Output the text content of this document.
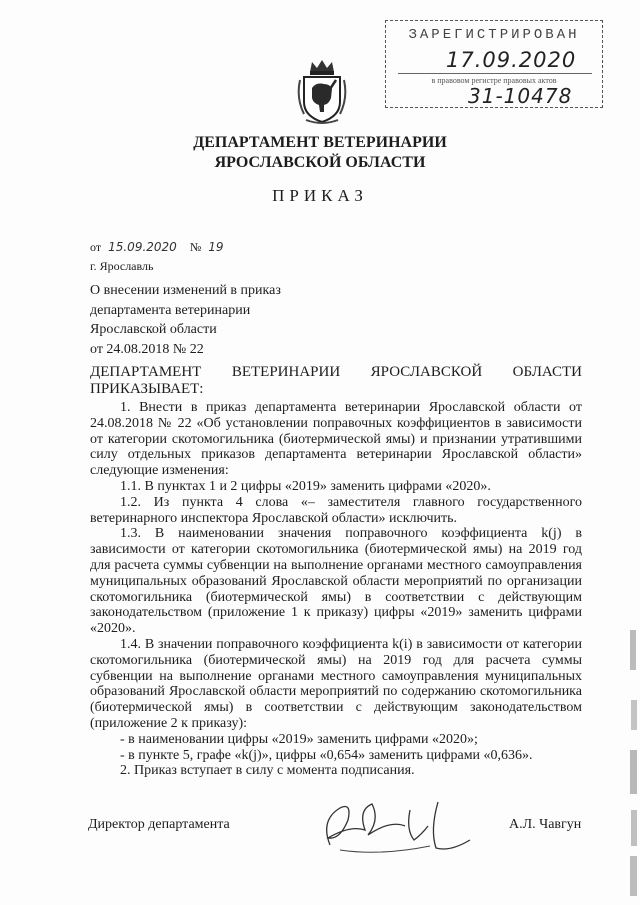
ЗАРЕГИСТРИРОВАН
17.09.2020
в правовом регистре правовых актов
31-10478
ДЕПАРТАМЕНТ ВЕТЕРИНАРИИ
ЯРОСЛАВСКОЙ ОБЛАСТИ
ПРИКАЗ
от 15.09.2020 № 19
г. Ярославль
О внесении изменений в приказ
департамента ветеринарии
Ярославской области
от 24.08.2018 № 22

ДЕПАРТАМЕНТ ВЕТЕРИНАРИИ ЯРОСЛАВСКОЙ ОБЛАСТИ

ПРИКАЗЫВАЕТ:

1. Внести в приказ департамента ветеринарии Ярославской области от 24.08.2018 № 22 «Об установлении поправочных коэффициентов в зависимости от категории скотомогильника (биотермической ямы) и признании утратившими силу отдельных приказов департамента ветеринарии Ярославской области» следующие изменения:

1.1. В пунктах 1 и 2 цифры «2019» заменить цифрами «2020».

1.2. Из пункта 4 слова «– заместителя главного государственного ветеринарного инспектора Ярославской области» исключить.

1.3. В наименовании значения поправочного коэффициента k(j) в зависимости от категории скотомогильника (биотермической ямы) на 2019 год для расчета суммы субвенции на выполнение органами местного самоуправления муниципальных образований Ярославской области мероприятий по организации скотомогильника (биотермической ямы) в соответствии с действующим законодательством (приложение 1 к приказу) цифры «2019» заменить цифрами «2020».

1.4. В значении поправочного коэффициента k(i) в зависимости от категории скотомогильника (биотермической ямы) на 2019 год для расчета суммы субвенции на выполнение органами местного самоуправления муниципальных образований Ярославской области мероприятий по содержанию скотомогильника (биотермической ямы) в соответствии с действующим законодательством (приложение 2 к приказу):

- в наименовании цифры «2019» заменить цифрами «2020»;

- в пункте 5, графе «k(j)», цифры «0,654» заменить цифрами «0,636».

2. Приказ вступает в силу с момента подписания.

Директор департамента	А.Л. Чавгун
